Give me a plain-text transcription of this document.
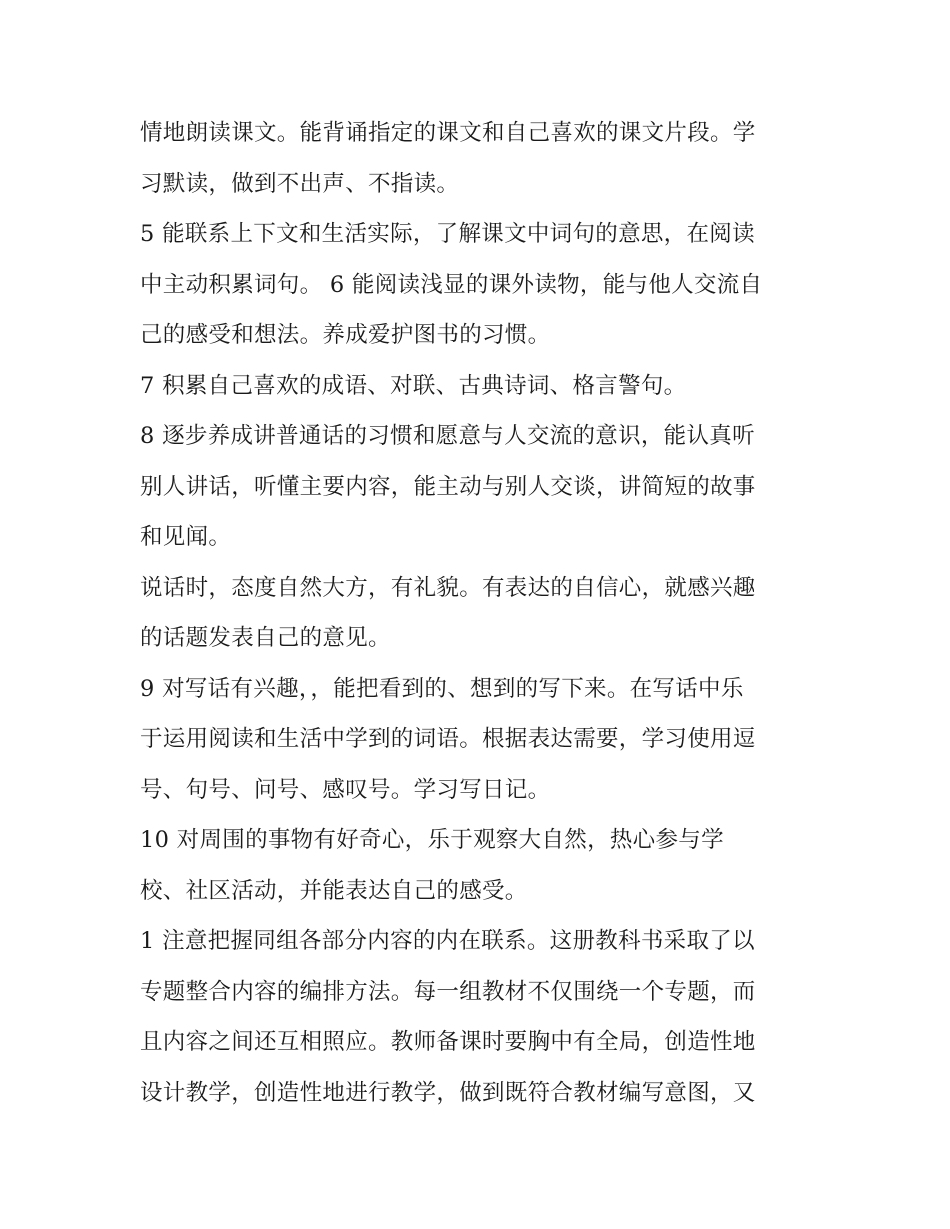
情地朗读课文。能背诵指定的课文和自己喜欢的课文片段。学
习默读，做到不出声、不指读。
5 能联系上下文和生活实际，了解课文中词句的意思，在阅读
中主动积累词句。 6 能阅读浅显的课外读物，能与他人交流自
己的感受和想法。养成爱护图书的习惯。
7 积累自己喜欢的成语、对联、古典诗词、格言警句。
8 逐步养成讲普通话的习惯和愿意与人交流的意识，能认真听
别人讲话，听懂主要内容，能主动与别人交谈，讲简短的故事
和见闻。
说话时，态度自然大方，有礼貌。有表达的自信心，就感兴趣
的话题发表自己的意见。
9 对写话有兴趣，，能把看到的、想到的写下来。在写话中乐
于运用阅读和生活中学到的词语。根据表达需要，学习使用逗
号、句号、问号、感叹号。学习写日记。
10 对周围的事物有好奇心，乐于观察大自然，热心参与学
校、社区活动，并能表达自己的感受。
1 注意把握同组各部分内容的内在联系。这册教科书采取了以
专题整合内容的编排方法。每一组教材不仅围绕一个专题，而
且内容之间还互相照应。教师备课时要胸中有全局，创造性地
设计教学，创造性地进行教学，做到既符合教材编写意图，又
